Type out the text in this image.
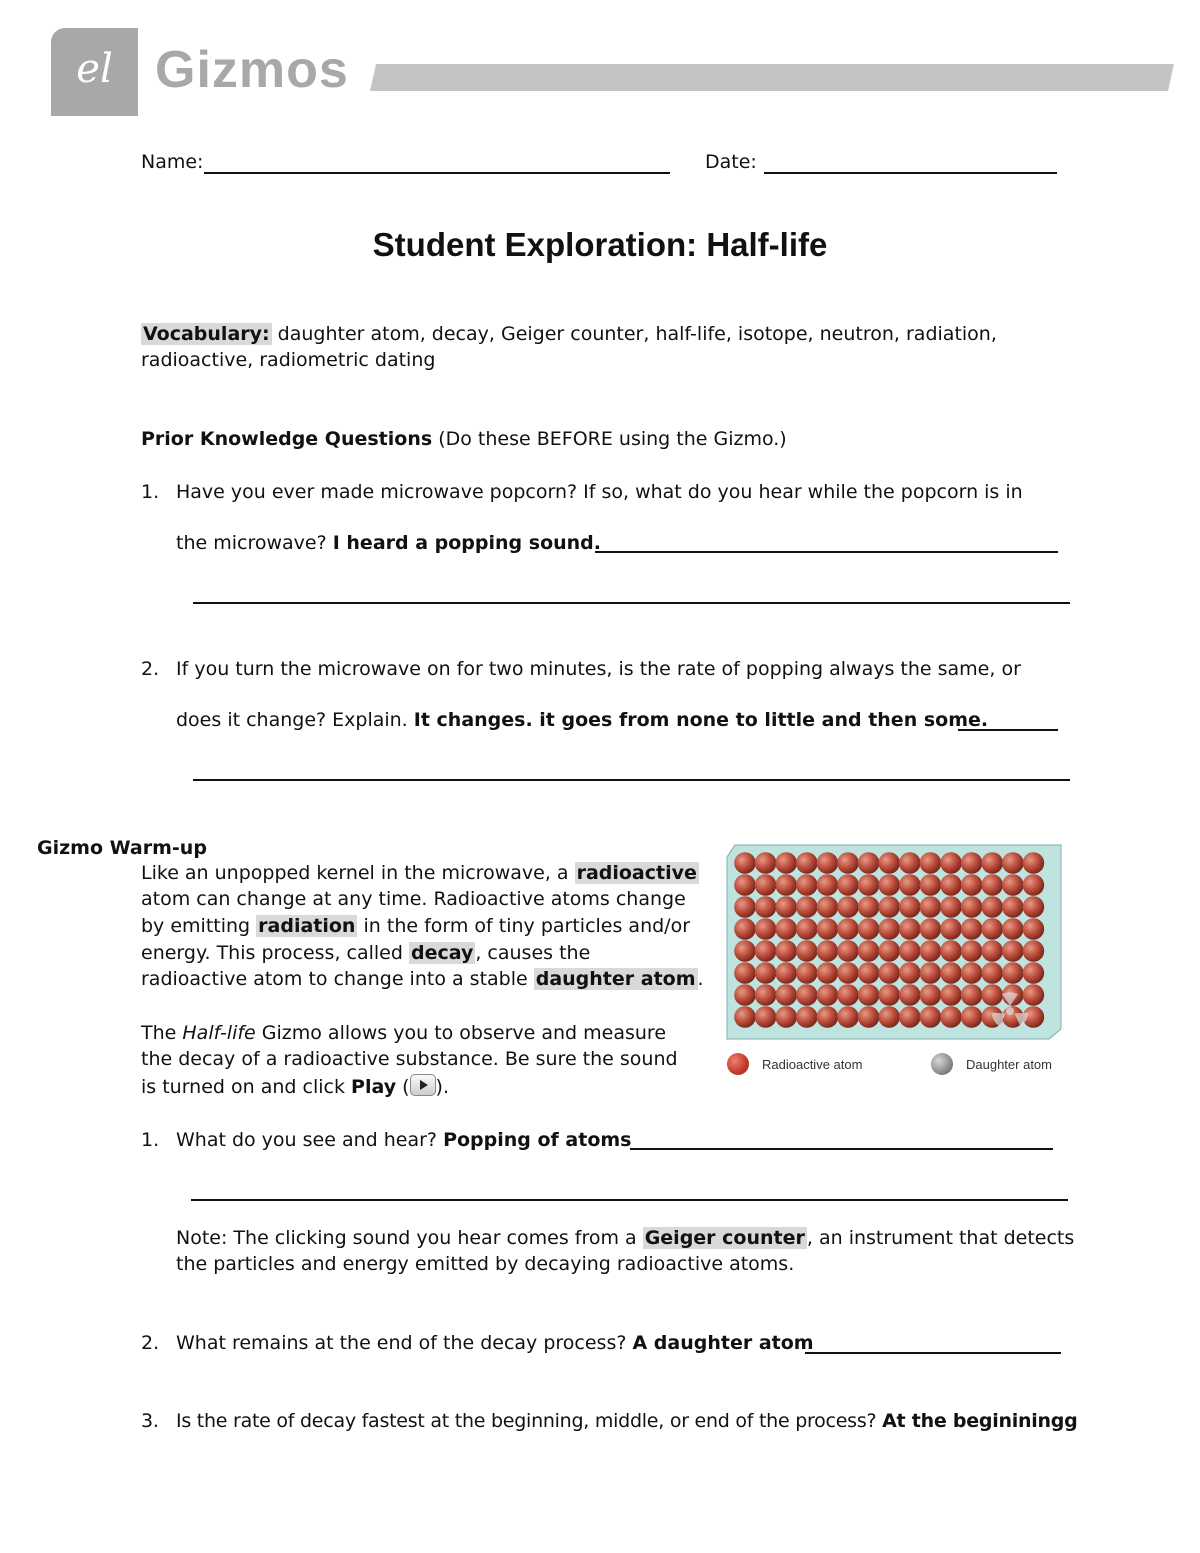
el Gizmos
Name:	Date:
Student Exploration: Half-life
Vocabulary: daughter atom, decay, Geiger counter, half-life, isotope, neutron, radiation,
radioactive, radiometric dating
Prior Knowledge Questions (Do these BEFORE using the Gizmo.)
1. Have you ever made microwave popcorn? If so, what do you hear while the popcorn is in
the microwave? I heard a popping sound.
2. If you turn the microwave on for two minutes, is the rate of popping always the same, or
does it change? Explain. It changes. it goes from none to little and then some.
Gizmo Warm-up
Like an unpopped kernel in the microwave, a radioactive
atom can change at any time. Radioactive atoms change
by emitting radiation in the form of tiny particles and/or
energy. This process, called decay , causes the
radioactive atom to change into a stable daughter atom .
The Half-life Gizmo allows you to observe and measure
the decay of a radioactive substance. Be sure the sound
is turned on and click Play ( ).
Radioactive atom	Daughter atom
1. What do you see and hear? Popping of atoms
Note: The clicking sound you hear comes from a Geiger counter , an instrument that detects
the particles and energy emitted by decaying radioactive atoms.
2. What remains at the end of the decay process? A daughter atom
3. Is the rate of decay fastest at the beginning, middle, or end of the process? At the begininingg
